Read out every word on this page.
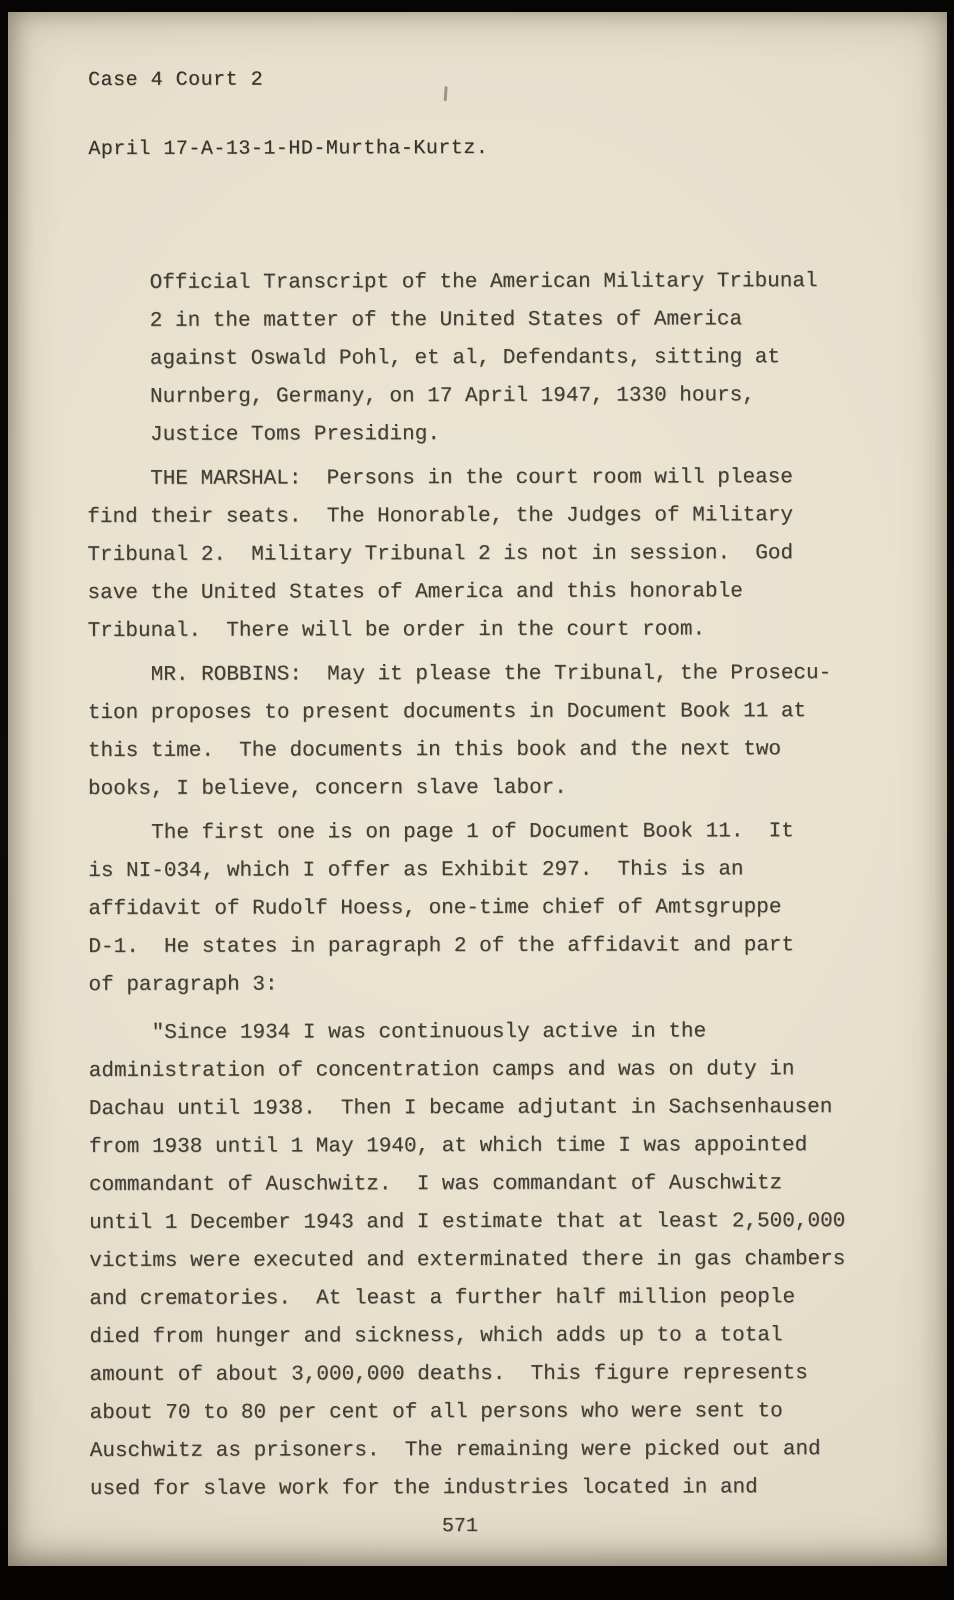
Case 4 Court 2

April 17-A-13-1-HD-Murtha-Kurtz.

Official Transcript of the American Military Tribunal
2 in the matter of the United States of America
against Oswald Pohl, et al, Defendants, sitting at
Nurnberg, Germany, on 17 April 1947, 1330 hours,
Justice Toms Presiding.

THE MARSHAL:  Persons in the court room will please
find their seats.  The Honorable, the Judges of Military
Tribunal 2.  Military Tribunal 2 is not in session.  God
save the United States of America and this honorable
Tribunal.  There will be order in the court room.

MR. ROBBINS:  May it please the Tribunal, the Prosecu-
tion proposes to present documents in Document Book 11 at
this time.  The documents in this book and the next two
books, I believe, concern slave labor.

The first one is on page 1 of Document Book 11.  It
is NI-034, which I offer as Exhibit 297.  This is an
affidavit of Rudolf Hoess, one-time chief of Amtsgruppe
D-1.  He states in paragraph 2 of the affidavit and part
of paragraph 3:

"Since 1934 I was continuously active in the
administration of concentration camps and was on duty in
Dachau until 1938.  Then I became adjutant in Sachsenhausen
from 1938 until 1 May 1940, at which time I was appointed
commandant of Auschwitz.  I was commandant of Auschwitz
until 1 December 1943 and I estimate that at least 2,500,000
victims were executed and exterminated there in gas chambers
and crematories.  At least a further half million people
died from hunger and sickness, which adds up to a total
amount of about 3,000,000 deaths.  This figure represents
about 70 to 80 per cent of all persons who were sent to
Auschwitz as prisoners.  The remaining were picked out and
used for slave work for the industries located in and

571
